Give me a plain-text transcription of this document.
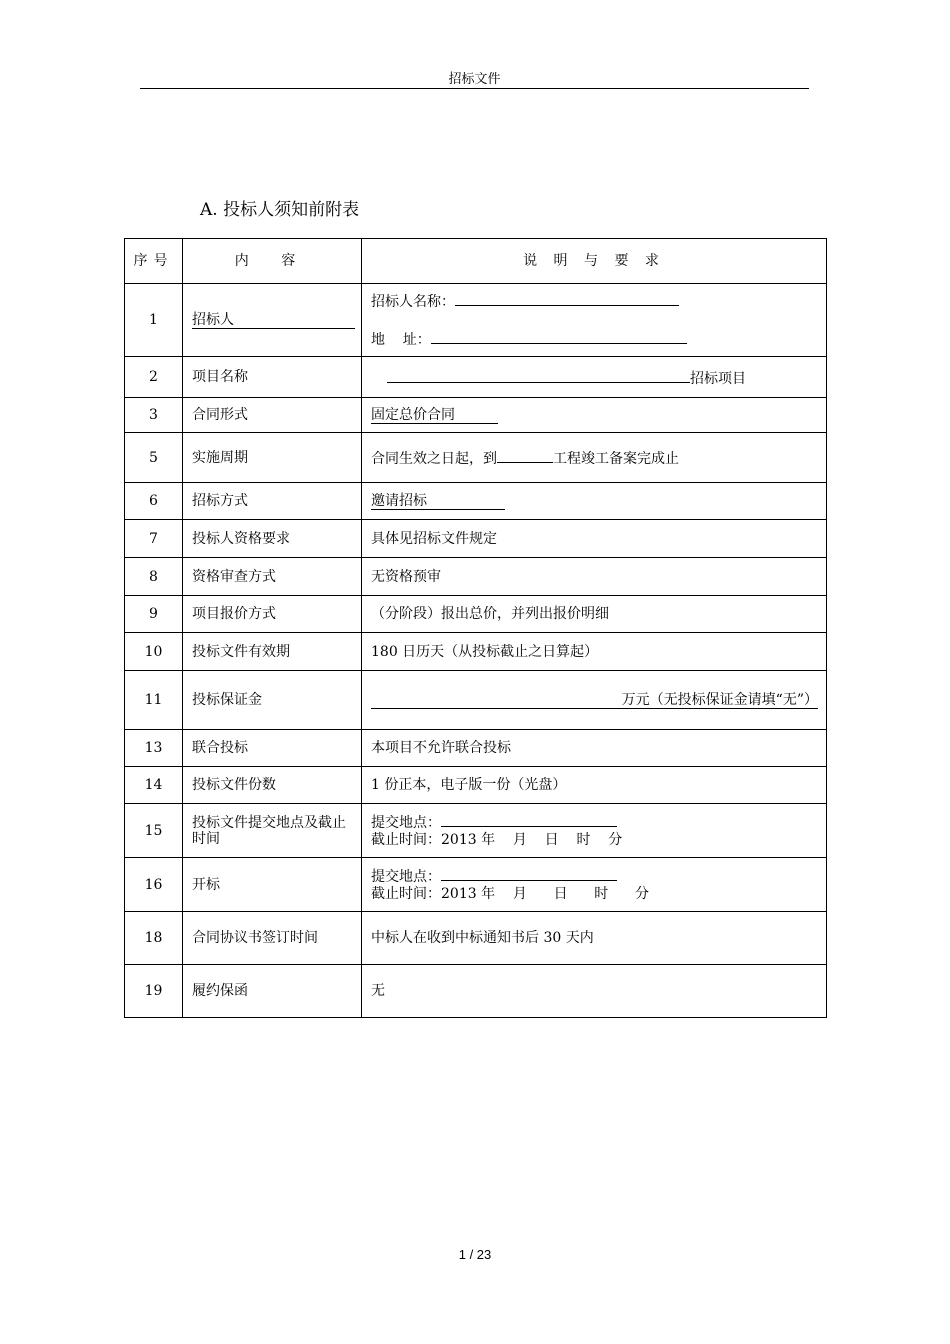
招标文件
A. 投标人须知前附表
序号	内 容	说 明 与 要 求
1	招标人	招标人名称：
地    址：

2	项目名称	招标项目
3	合同形式	固定总价合同
5	实施周期	合同生效之日起，到 工程竣工备案完成止
6	招标方式	邀请招标
7	投标人资格要求	具体见招标文件规定
8	资格审查方式	无资格预审
9	项目报价方式	（分阶段）报出总价，并列出报价明细
10	投标文件有效期	180 日历天（从投标截止之日算起）
11	投标保证金	万元（无投标保证金请填“无”）

13	联合投标	本项目不允许联合投标
14	投标文件份数	1 份正本，电子版一份（光盘）
15	投标文件提交地点及截止时间	提交地点：
截止时间：2013 年    月    日    时    分

16	开标	提交地点：
截止时间：2013 年    月      日      时      分

18	合同协议书签订时间	中标人在收到中标通知书后 30 天内
19	履约保函	无
1 / 23
